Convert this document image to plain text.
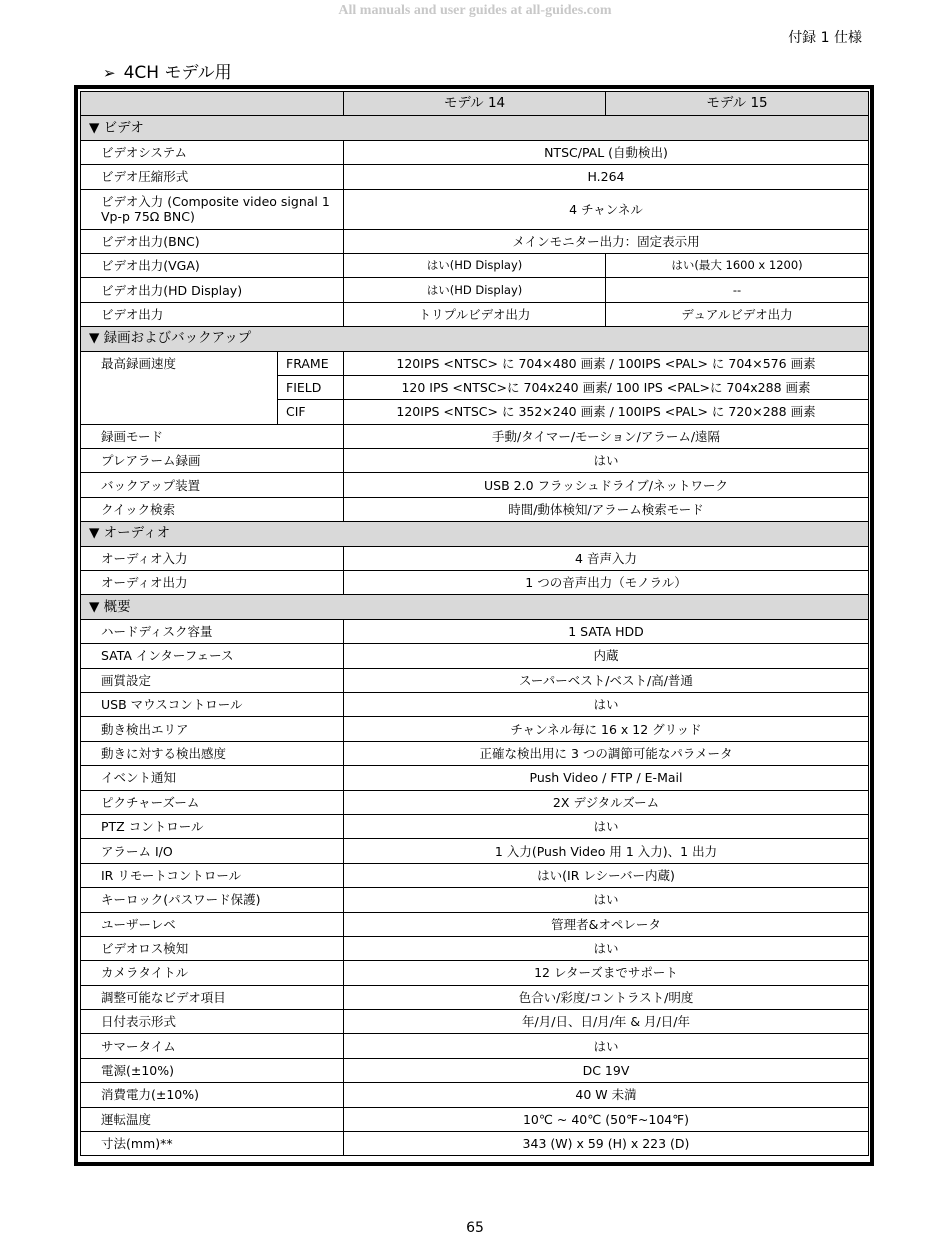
All manuals and user guides at all-guides.com
付録 1 仕様
➢ 4CH モデル用
		モデル 14	モデル 15
▼ ビデオ			
ビデオシステム		NTSC/PAL (自動検出)	
ビデオ圧縮形式		H.264	
ビデオ入力 (Composite video signal 1 Vp-p 75Ω BNC)		4 チャンネル	
ビデオ出力(BNC)		メインモニター出力：固定表示用	
ビデオ出力(VGA)		はい(HD Display)	はい(最大 1600 x 1200)
ビデオ出力(HD Display)		はい(HD Display)	--
ビデオ出力		トリプルビデオ出力	デュアルビデオ出力
▼ 録画およびバックアップ			
最高録画速度	FRAME	120IPS <NTSC> に 704×480 画素 / 100IPS <PAL> に 704×576 画素	
	FIELD	120 IPS <NTSC>に 704x240 画素/ 100 IPS <PAL>に 704x288 画素	
	CIF	120IPS <NTSC> に 352×240 画素 / 100IPS <PAL> に 720×288 画素	
録画モード		手動/タイマー/モーション/アラーム/遠隔	
プレアラーム録画		はい	
バックアップ装置		USB 2.0 フラッシュドライブ/ネットワーク	
クイック検索		時間/動体検知/アラーム検索モード	
▼ オーディオ			
オーディオ入力		4 音声入力	
オーディオ出力		1 つの音声出力（モノラル）	
▼ 概要			
ハードディスク容量		1 SATA HDD	
SATA インターフェース		内蔵	
画質設定		スーパーベスト/ベスト/高/普通	
USB マウスコントロール		はい	
動き検出エリア		チャンネル毎に 16 x 12 グリッド	
動きに対する検出感度		正確な検出用に 3 つの調節可能なパラメータ	
イベント通知		Push Video / FTP / E-Mail	
ピクチャーズーム		2X デジタルズーム	
PTZ コントロール		はい	
アラーム I/O		1 入力(Push Video 用 1 入力)、1 出力	
IR リモートコントロール		はい(IR レシーバー内蔵)	
キーロック(パスワード保護)		はい	
ユーザーレベ		管理者&オペレータ	
ビデオロス検知		はい	
カメラタイトル		12 レターズまでサポート	
調整可能なビデオ項目		色合い/彩度/コントラスト/明度	
日付表示形式		年/月/日、日/月/年 & 月/日/年	
サマータイム		はい	
電源(±10%)		DC 19V	
消費電力(±10%)		40 W 未満	
運転温度		10℃ ~ 40℃ (50℉~104℉)	
寸法(mm)**		343 (W) x 59 (H) x 223 (D)	
65
